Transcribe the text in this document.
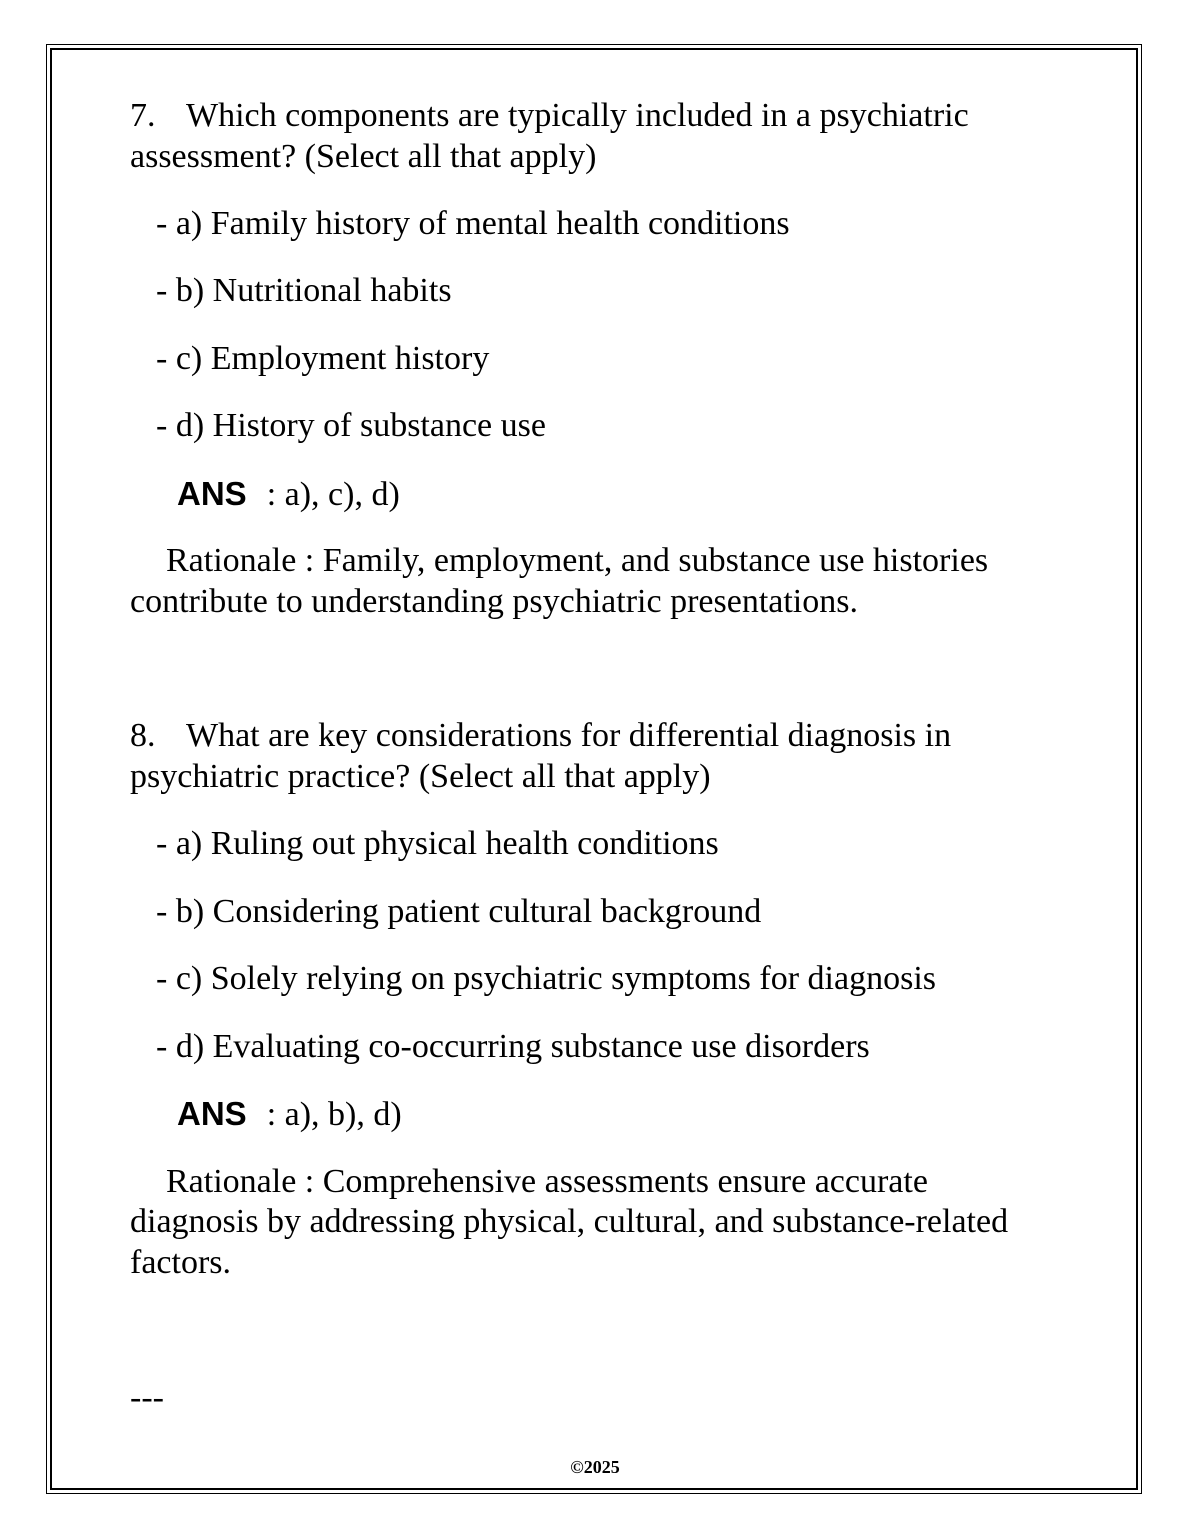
7. Which components are typically included in a psychiatric
assessment? (Select all that apply)
- a) Family history of mental health conditions
- b) Nutritional habits
- c) Employment history
- d) History of substance use
ANS : a), c), d)
Rationale : Family, employment, and substance use histories
contribute to understanding psychiatric presentations.
8. What are key considerations for differential diagnosis in
psychiatric practice? (Select all that apply)
- a) Ruling out physical health conditions
- b) Considering patient cultural background
- c) Solely relying on psychiatric symptoms for diagnosis
- d) Evaluating co-occurring substance use disorders
ANS : a), b), d)
Rationale : Comprehensive assessments ensure accurate
diagnosis by addressing physical, cultural, and substance-related
factors.
---
©2025
